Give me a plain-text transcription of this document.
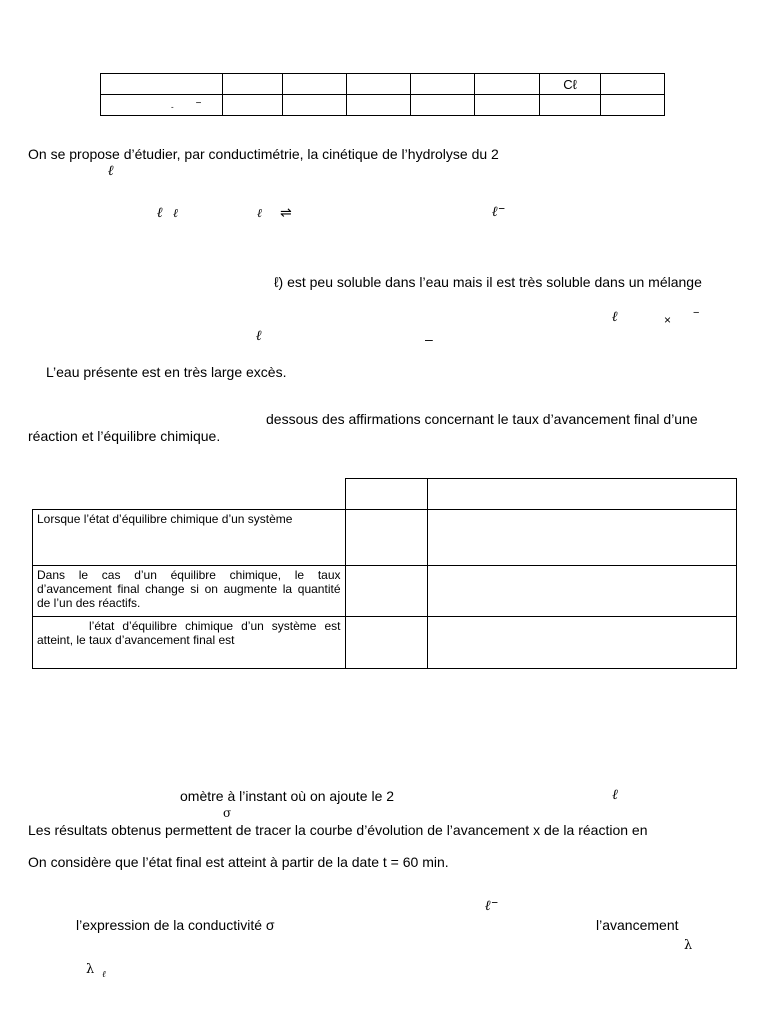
						Cℓ	
- −							
On se propose d’étudier, par conductimétrie, la cinétique de l’hydrolyse du 2
ℓ
ℓ ℓ	ℓ ⇌	ℓ⁻
ℓ) est peu soluble dans l’eau mais il est très soluble dans un mélange
ℓ	× −
ℓ	–
L’eau présente est en très large excès.
dessous des affirmations concernant le taux d’avancement final d’une
réaction et l’équilibre chimique.

Lorsque l’état d’équilibre chimique d’un système		
Dans le cas d’un équilibre chimique, le taux d’avancement final change si on augmente la quantité de l’un des réactifs.		
l’état d’équilibre chimique d’un système est atteint, le taux d’avancement final est		
omètre à l’instant où on ajoute le 2	ℓ
σ
Les résultats obtenus permettent de tracer la courbe d’évolution de l’avancement x de la réaction en
On considère que l’état final est atteint à partir de la date t = 60 min.
ℓ⁻
l’expression de la conductivité σ	l’avancement
λ
λ ℓ
